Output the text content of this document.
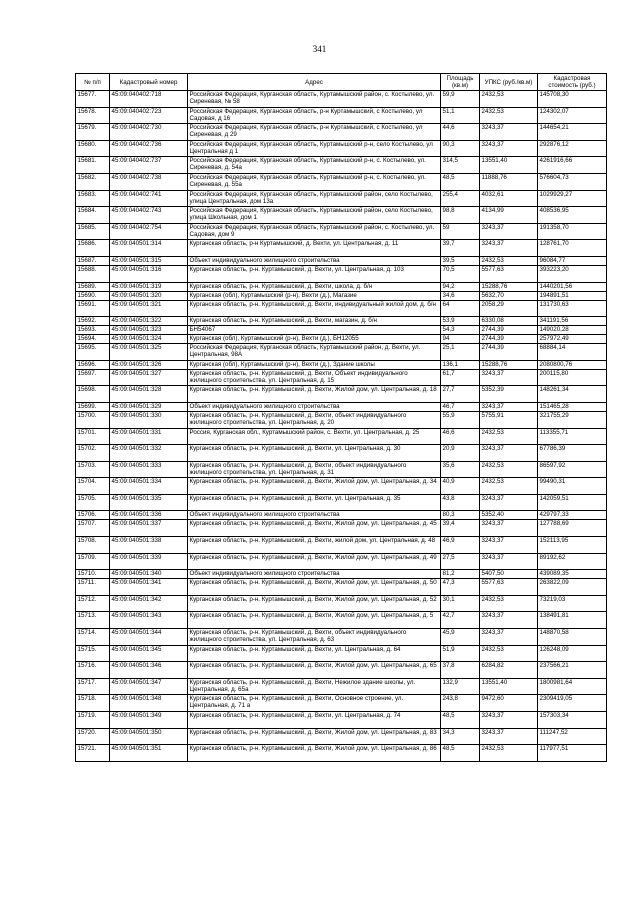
341
№ п/п	Кадастровый номер	Адрес	Площадь (кв.м)	УПКС (руб./кв.м)	Кадастровая стоимость (руб.)
15677.	45:09:040402:718	Российская Федерация, Курганская область, Куртамышский район, с. Костылево, ул. Сиреневая, № 58	59,9	2432,53	145708,30
15678.	45:09:040402:723	Российская Федерация, Курганская область, р-н Куртамышский, с Костылево, ул Садовая, д 16	51,1	2432,53	124302,07
15679.	45:09:040402:730	Российская Федерация, Курганская область, р-н Куртамышский, с Костылево, ул Сиреневая, д 29	44,6	3243,37	144654,21
15680.	45:09:040402:736	Российская Федерация, Курганская область, Куртамышский р-н, село Костылево, ул Центральная д 1	90,3	3243,37	292876,12
15681.	45:09:040402:737	Российская Федерация, Курганская область, Куртамышский р-н, с. Костылево, ул. Сиреневая, д. 54а	314,5	13551,40	4261916,66
15682.	45:09:040402:738	Российская Федерация, Курганская область, Куртамышский р-н, с. Костылево, ул. Сиреневая, д. 55а	48,5	11888,76	576604,73
15683.	45:09:040402:741	Российская Федерация, Курганская область, Куртамышский район, село Костылево, улица Центральная, дом 13а	255,4	4032,61	1029929,27
15684.	45:09:040402:743	Российская Федерация, Курганская область, Куртамышский район, село Костылево, улица Школьная, дом 1	98,8	4134,99	408536,95
15685.	45:09:040402:754	Российская Федерация, Курганская область, Куртамышский район, с. Костылево, ул. Садовая, дом 9	59	3243,37	191358,70
15686.	45:09:040501:314	Курганская область, р-н Куртамышский, д. Вехти, ул. Центральная, д. 11	39,7	3243,37	128761,70
15687.	45:09:040501:315	Объект индивидуального жилищного строительства	39,5	2432,53	96084,77
15688.	45:09:040501:316	Курганская область, р-н. Куртамышский, д. Вехти, ул. Центральная, д. 103	70,5	5577,63	393223,20
15689.	45:09:040501:319	Курганская область, р-н. Куртамышский, д. Вехти, школа, д. б/н	94,2	15288,76	1440201,56
15690.	45:09:040501:320	Курганская (обл), Куртамышский (р-н), Вехти (д.), Магазие	34,6	5632,70	194891,51
15691.	45:09:040501:321	Курганская область, р-н. Куртамышский, д. Вехти, индивидуальный жилой дом, д. б/н	64	2058,29	131730,63
15692.	45:09:040501:322	Курганская область, р-н. Куртамышский, д. Вехти, магазин, д. б/н	53,9	6330,08	341191,56
15693.	45:09:040501:323	БН54067	54,3	2744,39	149020,28
15694.	45:09:040501:324	Курганская (обл), Куртамышский (р-н), Вехти (д.), БН12055	94	2744,39	257972,49
15695.	45:09:040501:325	Российская Федерация, Курганская область, Куртамышский район, д. Вехти, ул. Центральная, 98А	25,1	2744,39	68884,14
15696.	45:09:040501:326	Курганская (обл), Куртамышский (р-н), Вехти (д.), Здание школы	136,1	15288,76	2080800,76
15697.	45:09:040501:327	Курганская область, р-н. Куртамышский, д. Вехти, Объект индивидуального жилищного строительства, ул. Центральная, д. 15	61,7	3243,37	200115,80
15698.	45:09:040501:328	Курганская область, р-н. Куртамышский, д. Вехти, Жилой дом, ул. Центральная, д. 18	27,7	5352,39	148261,34
15699.	45:09:040501:329	Объект индивидуального жилищного строительства	46,7	3243,37	151465,28
15700.	45:09:040501:330	Курганская область, р-н. Куртамышский, д. Вехти, объект индивидуального жилищного строительства, ул. Центральная, д. 20	55,9	5755,91	321755,29
15701.	45:09:040501:331	Россия, Курганская обл., Куртамышский район, с. Вехти, ул. Центральная, д. 25	46,6	2432,53	113355,71
15702.	45:09:040501:332	Курганская область, р-н. Куртамышский, д. Вехти, ул. Центральная, д. 30	20,9	3243,37	67786,39
15703.	45:09:040501:333	Курганская область, р-н. Куртамышский, д. Вехти, объект индивидуального жилищного строительства, ул. Центральная, д. 31	35,6	2432,53	86597,92
15704.	45:09:040501:334	Курганская область, р-н. Куртамышский, д. Вехти, Жилой дом, ул. Центральная, д. 34	40,9	2432,53	99490,31
15705.	45:09:040501:335	Курганская область, р-н. Куртамышский, д. Вехти, ул. Центральная, д. 35	43,8	3243,37	142059,51
15706.	45:09:040501:336	Объект индивидуального жилищного строительства	80,3	5352,40	429797,33
15707.	45:09:040501:337	Курганская область, р-н. Куртамышский, д. Вехти, Жилой дом, ул. Центральная, д. 45	39,4	3243,37	127788,69
15708.	45:09:040501:338	Курганская область, р-н. Куртамышский, д. Вехти, жилой дом, ул. Центральная, д. 48	46,9	3243,37	152113,95
15709.	45:09:040501:339	Курганская область, р-н. Куртамышский, д. Вехти, Жилой дом, ул. Центральная, д. 49	27,5	3243,37	89192,62
15710.	45:09:040501:340	Объект индивидуального жилищного строительства	81,2	5407,50	439089,35
15711.	45:09:040501:341	Курганская область, р-н. Куртамышский, д. Вехти, Жилой дом, ул. Центральная, д. 50	47,3	5577,63	263822,09
15712.	45:09:040501:342	Курганская область, р-н. Куртамышский, д. Вехти, Жилой дом, ул. Центральная, д. 52	30,1	2432,53	73219,03
15713.	45:09:040501:343	Курганская область, р-н. Куртамышский, д. Вехти, Жилой дом, ул. Центральная, д. 5	42,7	3243,37	138491,81
15714.	45:09:040501:344	Курганская область, р-н. Куртамышский, д. Вехти, объект индивидуального жилищного строительства, ул. Центральная, д. 63	45,9	3243,37	148870,58
15715.	45:09:040501:345	Курганская область, р-н. Куртамышский, д. Вехти, ул. Центральная, д. 64	51,9	2432,53	126248,09
15716.	45:09:040501:346	Курганская область, р-н. Куртамышский, д. Вехти, Жилой дом, ул. Центральная, д. 65	37,8	6284,82	237566,21
15717.	45:09:040501:347	Курганская область, р-н. Куртамышский, д. Вехти, Нежилое здание школы, ул. Центральная, д. 65а	132,9	13551,40	1800981,64
15718.	45:09:040501:348	Курганская область, р-н. Куртамышский, д. Вехти, Основное строение, ул. Центральная, д. 71 а	243,8	9472,60	2309419,05
15719.	45:09:040501:349	Курганская область, р-н. Куртамышский, д. Вехти, ул. Центральная, д. 74	48,5	3243,37	157303,34
15720.	45:09:040501:350	Курганская область, р-н. Куртамышский, д. Вехти, Жилой дом, ул. Центральная, д. 83	34,3	3243,37	111247,52
15721.	45:09:040501:351	Курганская область, р-н. Куртамышский, д. Вехти, Жилой дом, ул. Центральная, д. 86	48,5	2432,53	117977,51
